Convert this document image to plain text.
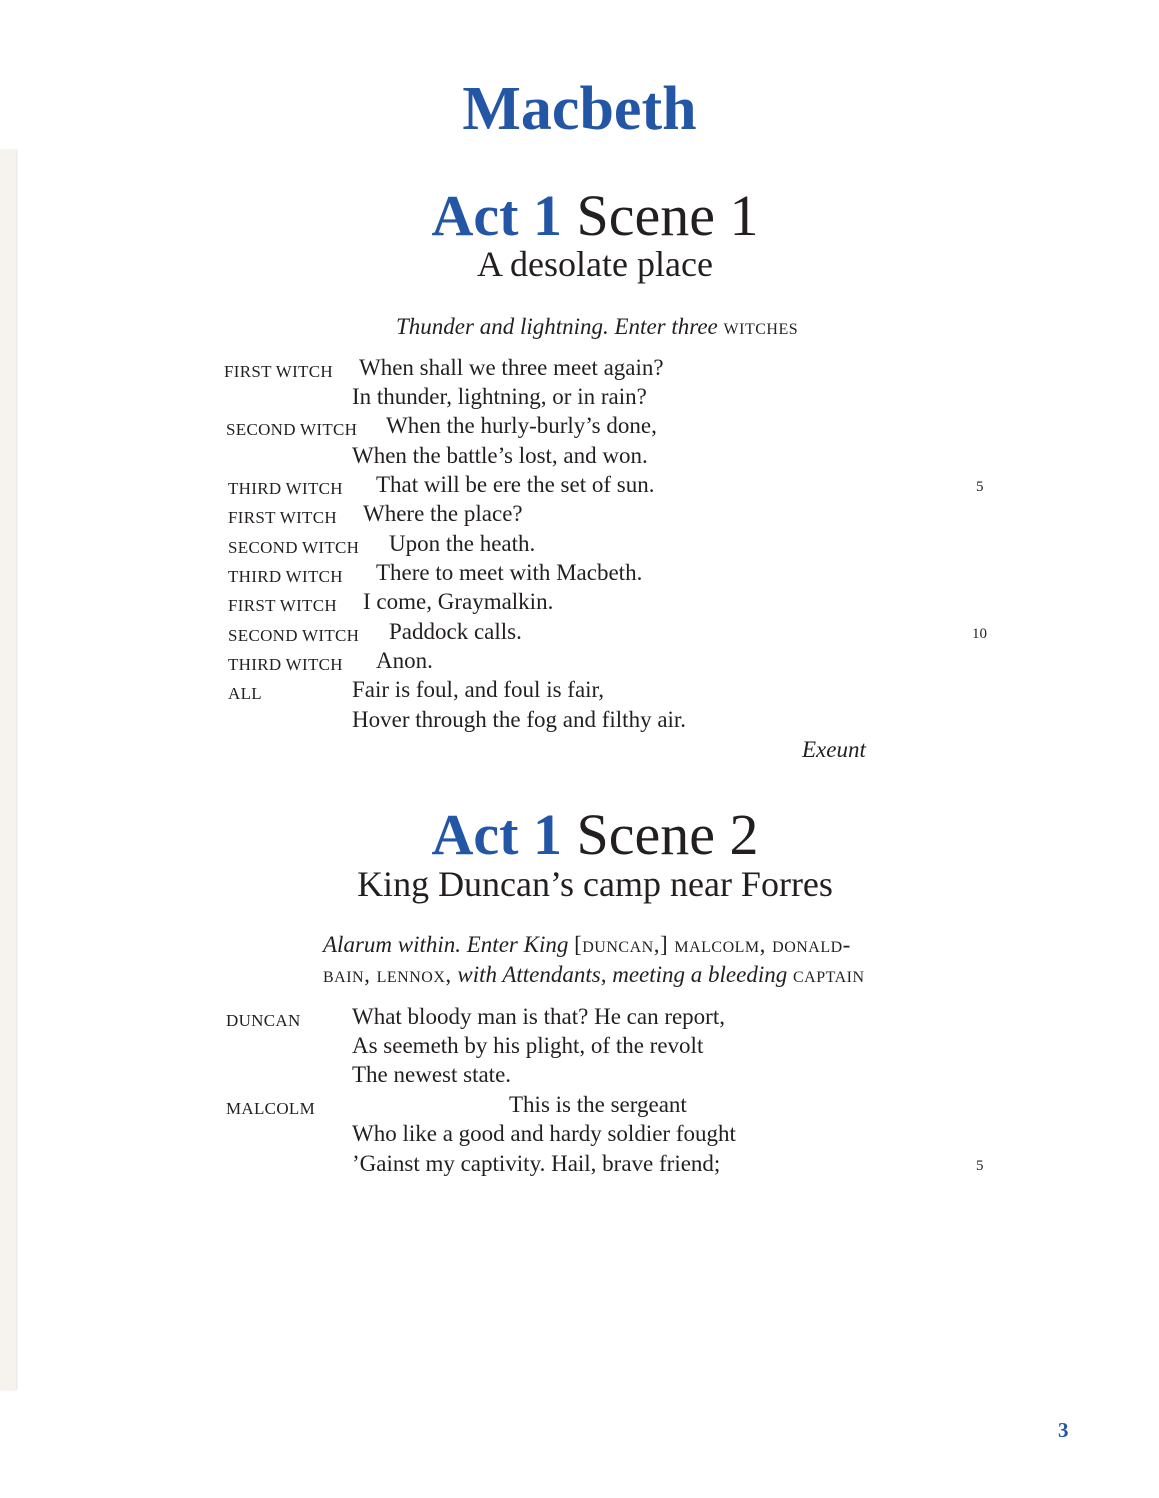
Macbeth
Act 1 Scene 1
A desolate place
Thunder and lightning. Enter three witches
FIRST WITCH When shall we three meet again?
In thunder, lightning, or in rain?
SECOND WITCH When the hurly-burly’s done,
When the battle’s lost, and won.
THIRD WITCH That will be ere the set of sun.	5
FIRST WITCH Where the place?
SECOND WITCH Upon the heath.
THIRD WITCH There to meet with Macbeth.
FIRST WITCH I come, Graymalkin.
SECOND WITCH Paddock calls.	10
THIRD WITCH Anon.
ALL	Fair is foul, and foul is fair,
Hover through the fog and filthy air.
Exeunt
Act 1 Scene 2
King Duncan’s camp near Forres
Alarum within. Enter King [duncan,] malcolm, donald-bain, lennox, with Attendants, meeting a bleeding captain
DUNCAN What bloody man is that? He can report,
As seemeth by his plight, of the revolt
The newest state.
MALCOLM	This is the sergeant
Who like a good and hardy soldier fought
’Gainst my captivity. Hail, brave friend;	5
3
